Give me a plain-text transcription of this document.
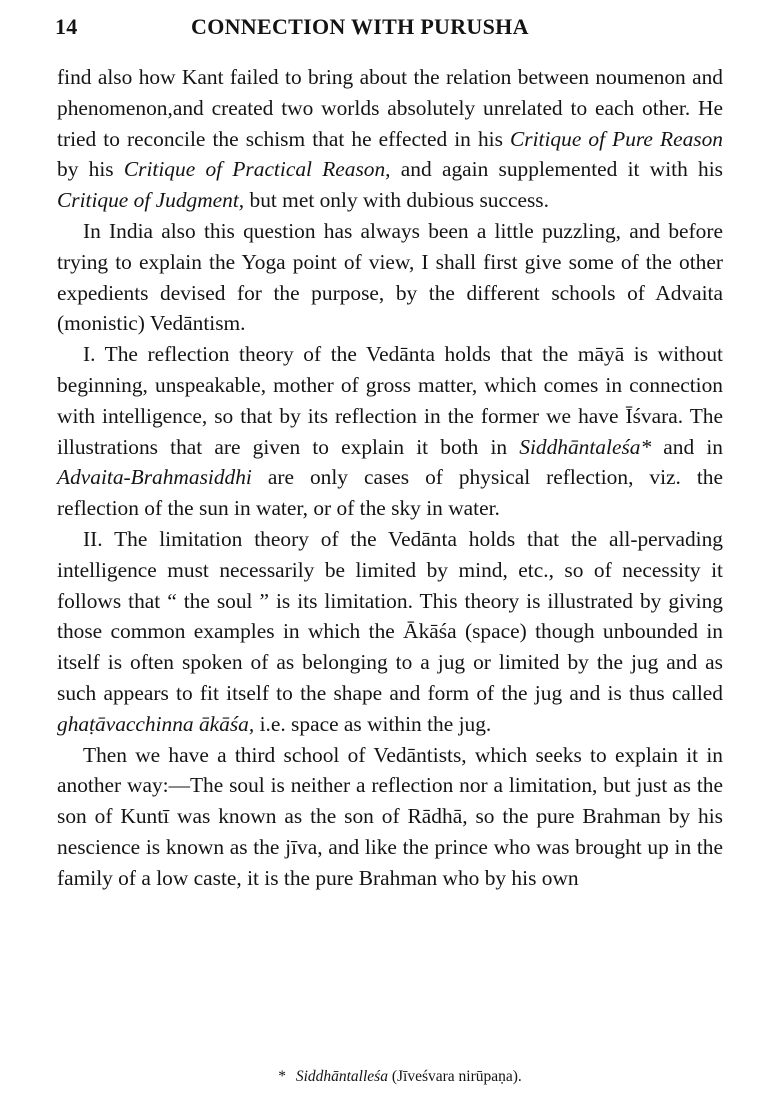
14	CONNECTION WITH PURUSHA

find also how Kant failed to bring about the relation between noumenon and phenomenon,and created two worlds absolutely unrelated to each other. He tried to reconcile the schism that he effected in his Critique of Pure Reason by his Critique of Practical Reason, and again supplemented it with his Critique of Judgment, but met only with dubious success.

In India also this question has always been a little puzzling, and before trying to explain the Yoga point of view, I shall first give some of the other expedients devised for the purpose, by the different schools of Advaita (monistic) Vedāntism.

I. The reflection theory of the Vedānta holds that the māyā is without beginning, unspeakable, mother of gross matter, which comes in connection with intelligence, so that by its reflection in the former we have Īśvara. The illustrations that are given to explain it both in Siddhāntaleśa* and in Advaita-Brahmasiddhi are only cases of physical reflection, viz. the reflection of the sun in water, or of the sky in water.

II. The limitation theory of the Vedānta holds that the all-pervading intelligence must necessarily be limited by mind, etc., so of necessity it follows that “ the soul ” is its limitation. This theory is illustrated by giving those common examples in which the Ākāśa (space) though unbounded in itself is often spoken of as belonging to a jug or limited by the jug and as such appears to fit itself to the shape and form of the jug and is thus called ghaṭāvacchinna ākāśa, i.e. space as within the jug.

Then we have a third school of Vedāntists, which seeks to explain it in another way:—The soul is neither a reflection nor a limitation, but just as the son of Kuntī was known as the son of Rādhā, so the pure Brahman by his nescience is known as the jīva, and like the prince who was brought up in the family of a low caste, it is the pure Brahman who by his own

* Siddhāntalleśa (Jīveśvara nirūpaṇa).
